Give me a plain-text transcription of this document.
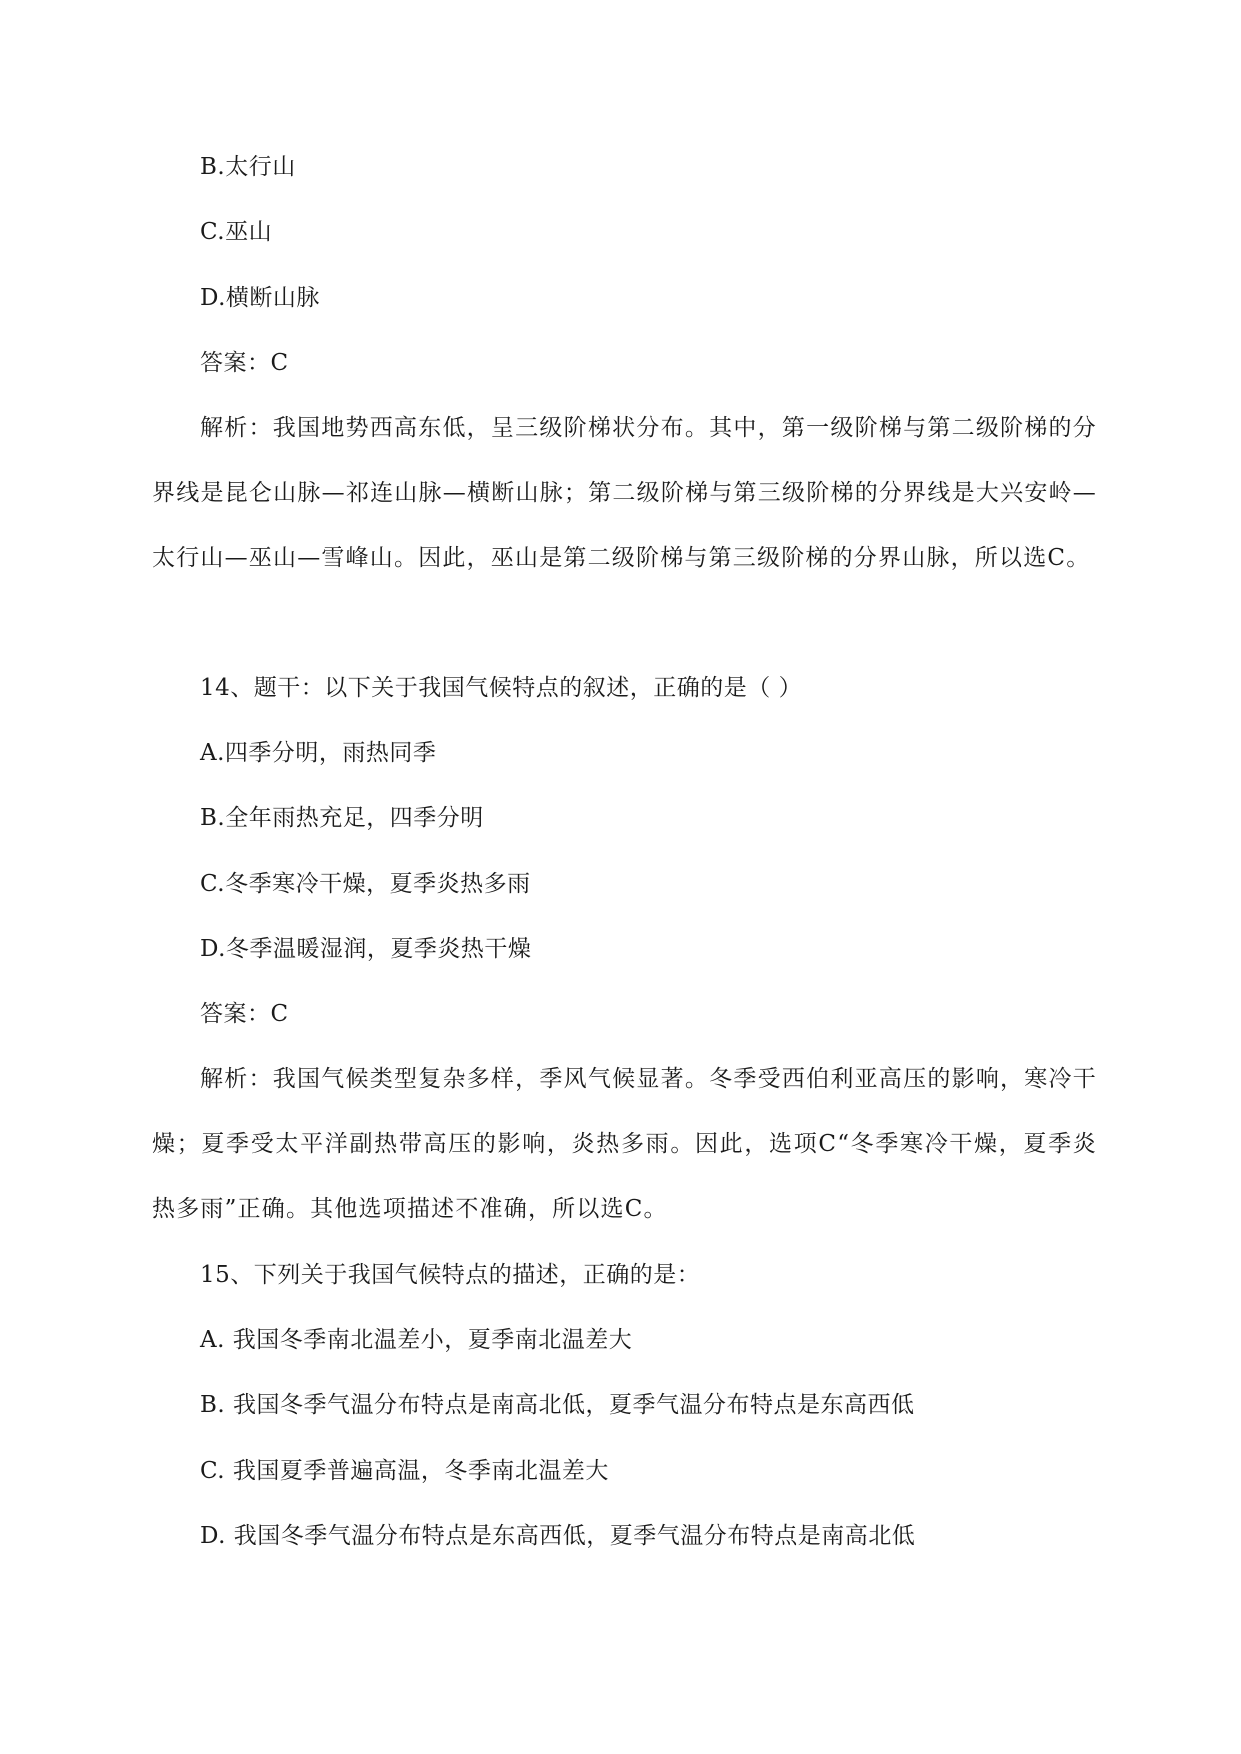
B.太行山
C.巫山
D.横断山脉
答案：C
解析：我国地势西高东低，呈三级阶梯状分布。其中，第一级阶梯与第二级阶梯的分界线是昆仑山脉—祁连山脉—横断山脉；第二级阶梯与第三级阶梯的分界线是大兴安岭—太行山—巫山—雪峰山。因此，巫山是第二级阶梯与第三级阶梯的分界山脉，所以选C。
14、题干：以下关于我国气候特点的叙述，正确的是（ ）
A.四季分明，雨热同季
B.全年雨热充足，四季分明
C.冬季寒冷干燥，夏季炎热多雨
D.冬季温暖湿润，夏季炎热干燥
答案：C
解析：我国气候类型复杂多样，季风气候显著。冬季受西伯利亚高压的影响，寒冷干燥；夏季受太平洋副热带高压的影响，炎热多雨。因此，选项C“冬季寒冷干燥，夏季炎热多雨”正确。其他选项描述不准确，所以选C。
15、下列关于我国气候特点的描述，正确的是：
A. 我国冬季南北温差小，夏季南北温差大
B. 我国冬季气温分布特点是南高北低，夏季气温分布特点是东高西低
C. 我国夏季普遍高温，冬季南北温差大
D. 我国冬季气温分布特点是东高西低，夏季气温分布特点是南高北低
